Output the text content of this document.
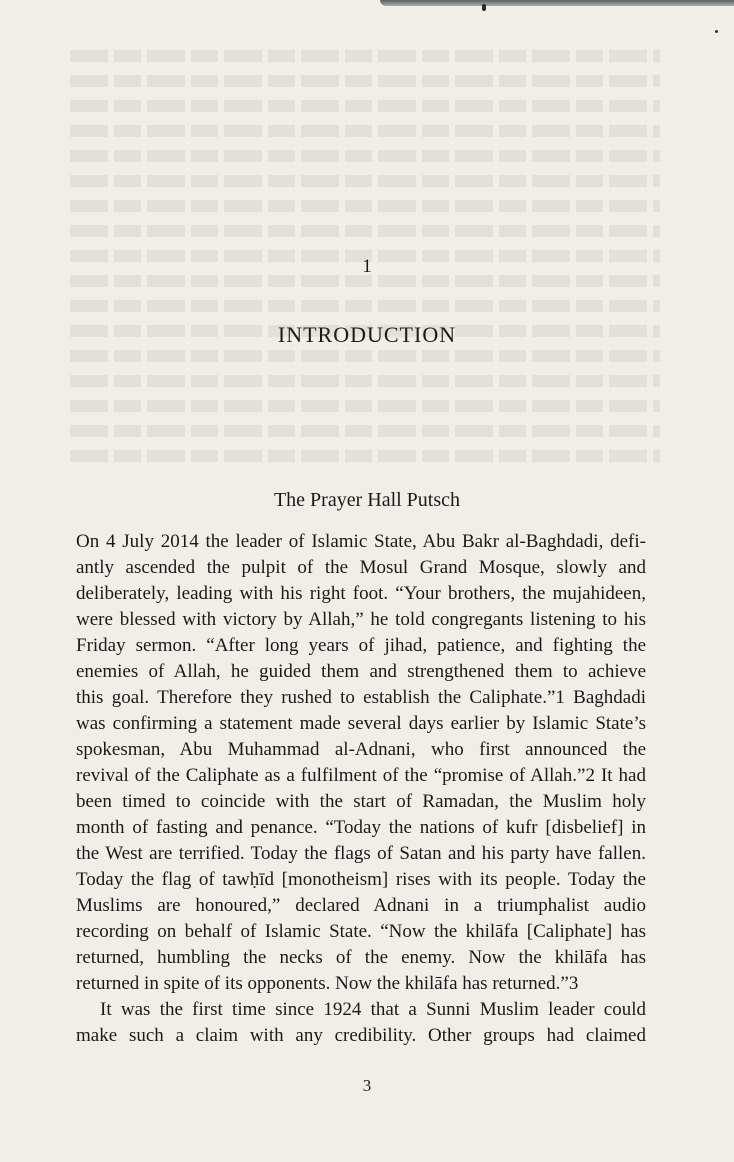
1
INTRODUCTION
The Prayer Hall Putsch
On 4 July 2014 the leader of Islamic State, Abu Bakr al-Baghdadi, defi-
antly ascended the pulpit of the Mosul Grand Mosque, slowly and
deliberately, leading with his right foot. “Your brothers, the mujahideen,
were blessed with victory by Allah,” he told congregants listening to his
Friday sermon. “After long years of jihad, patience, and fighting the
enemies of Allah, he guided them and strengthened them to achieve
this goal. Therefore they rushed to establish the Caliphate.”1 Baghdadi
was confirming a statement made several days earlier by Islamic State’s
spokesman, Abu Muhammad al-Adnani, who first announced the
revival of the Caliphate as a fulfilment of the “promise of Allah.”2 It had
been timed to coincide with the start of Ramadan, the Muslim holy
month of fasting and penance. “Today the nations of kufr [disbelief] in
the West are terrified. Today the flags of Satan and his party have fallen.
Today the flag of tawḥīd [monotheism] rises with its people. Today the
Muslims are honoured,” declared Adnani in a triumphalist audio
recording on behalf of Islamic State. “Now the khilāfa [Caliphate] has
returned, humbling the necks of the enemy. Now the khilāfa has
returned in spite of its opponents. Now the khilāfa has returned.”3
It was the first time since 1924 that a Sunni Muslim leader could
make such a claim with any credibility. Other groups had claimed
3
